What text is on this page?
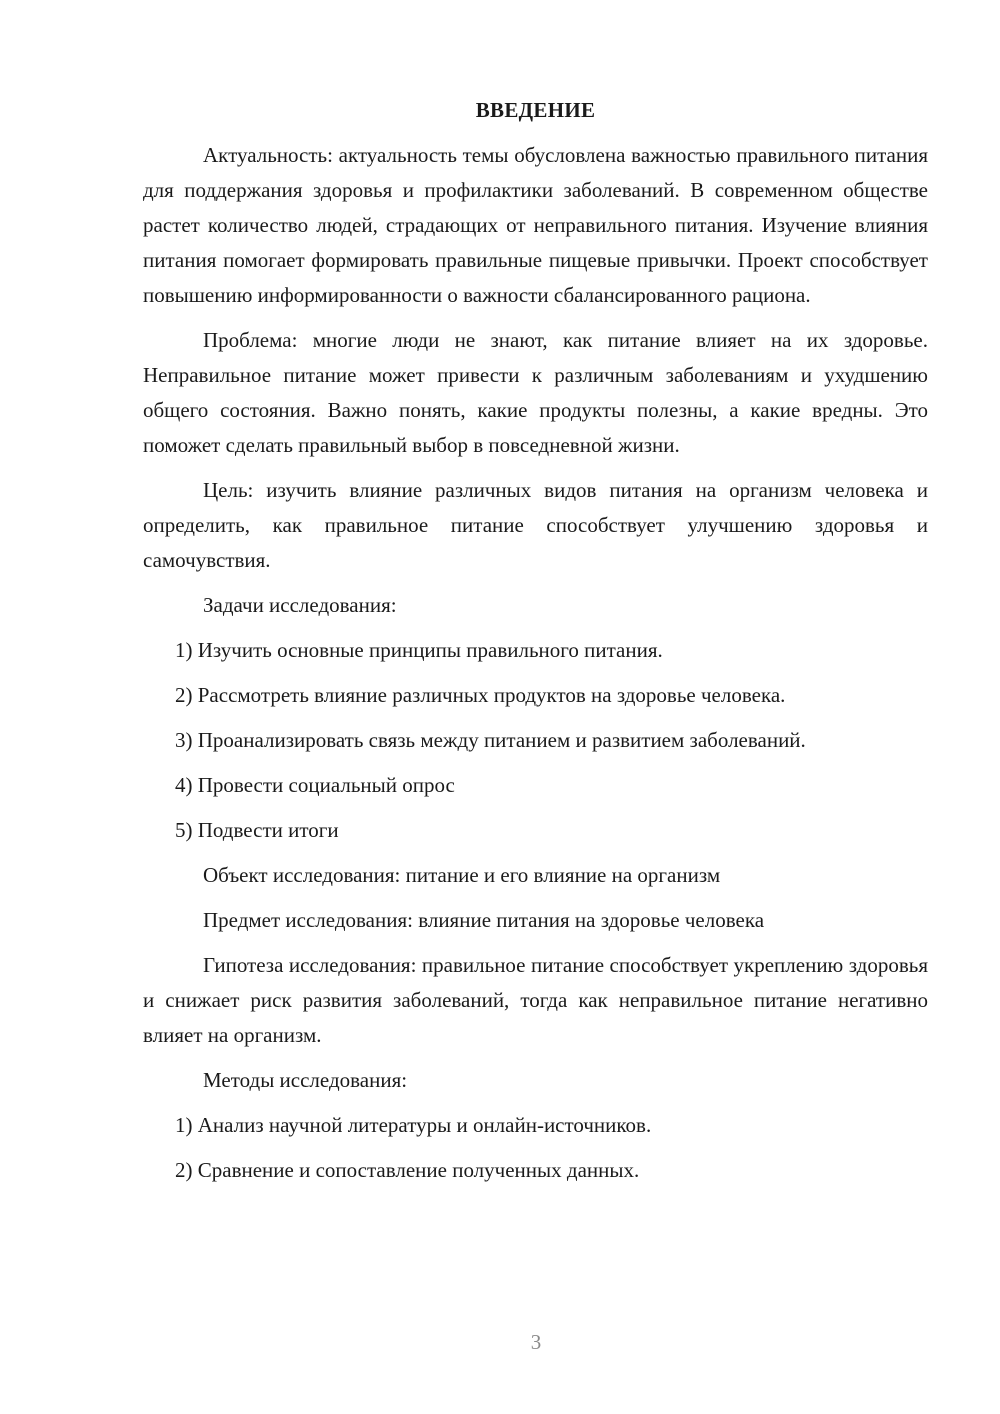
ВВЕДЕНИЕ

Актуальность: актуальность темы обусловлена важностью правильного питания для поддержания здоровья и профилактики заболеваний. В современном обществе растет количество людей, страдающих от неправильного питания. Изучение влияния питания помогает формировать правильные пищевые привычки. Проект способствует повышению информированности о важности сбалансированного рациона.

Проблема: многие люди не знают, как питание влияет на их здоровье. Неправильное питание может привести к различным заболеваниям и ухудшению общего состояния. Важно понять, какие продукты полезны, а какие вредны. Это поможет сделать правильный выбор в повседневной жизни.

Цель: изучить влияние различных видов питания на организм человека и определить, как правильное питание способствует улучшению здоровья и самочувствия.

Задачи исследования:

1) Изучить основные принципы правильного питания.

2) Рассмотреть влияние различных продуктов на здоровье человека.

3) Проанализировать связь между питанием и развитием заболеваний.

4) Провести социальный опрос

5) Подвести итоги

Объект исследования: питание и его влияние на организм

Предмет исследования: влияние питания на здоровье человека

Гипотеза исследования: правильное питание способствует укреплению здоровья и снижает риск развития заболеваний, тогда как неправильное питание негативно влияет на организм.

Методы исследования:

1) Анализ научной литературы и онлайн-источников.

2) Сравнение и сопоставление полученных данных.

3
